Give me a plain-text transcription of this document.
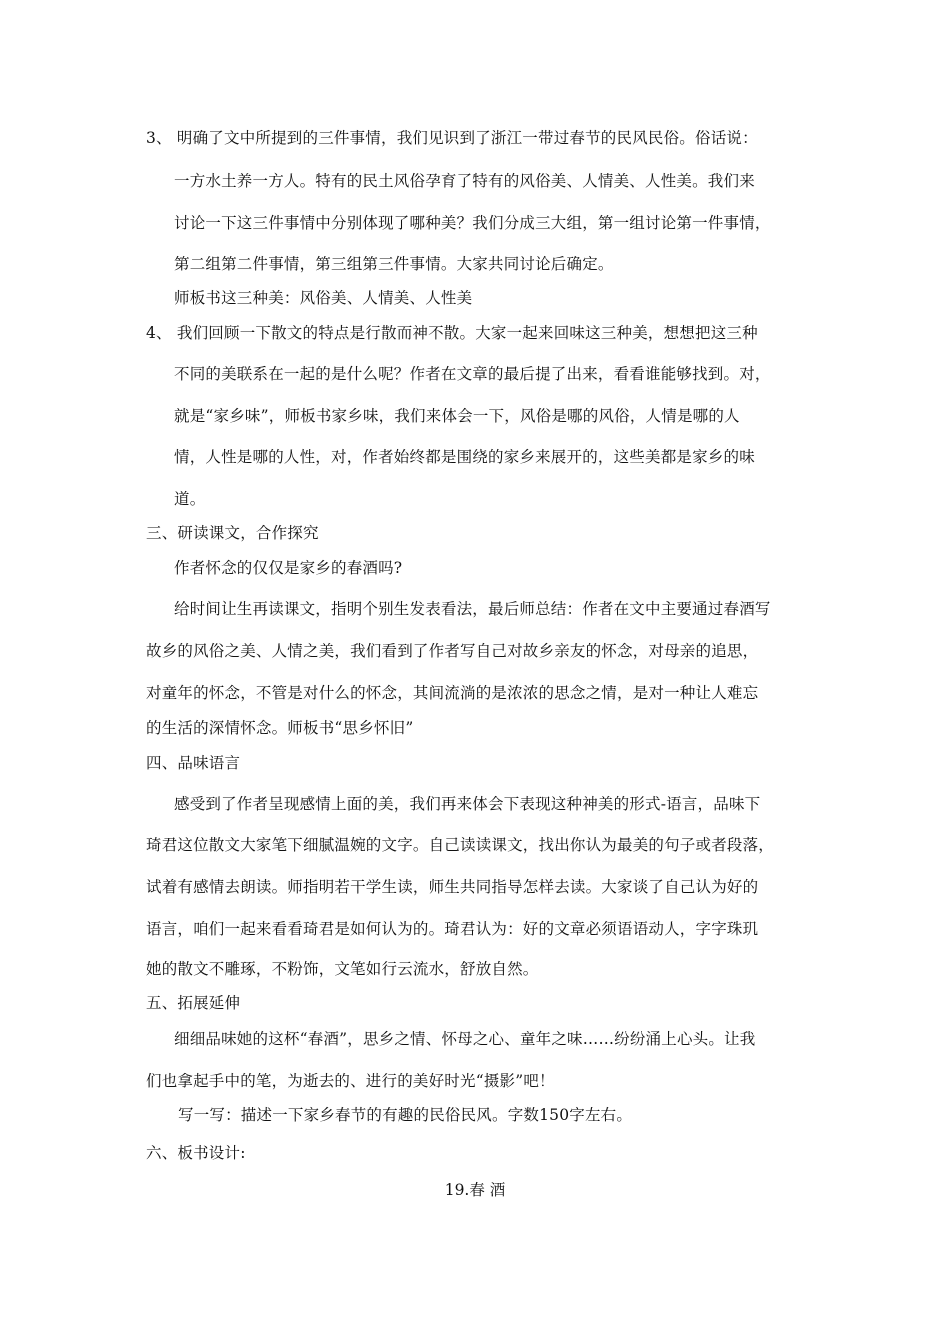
3、 明确了文中所提到的三件事情，我们见识到了浙江一带过春节的民风民俗。俗话说：
一方水土养一方人。特有的民土风俗孕育了特有的风俗美、人情美、人性美。我们来
讨论一下这三件事情中分别体现了哪种美？我们分成三大组，第一组讨论第一件事情，
第二组第二件事情，第三组第三件事情。大家共同讨论后确定。
师板书这三种美：风俗美、人情美、人性美
4、 我们回顾一下散文的特点是行散而神不散。大家一起来回味这三种美，想想把这三种
不同的美联系在一起的是什么呢？作者在文章的最后提了出来，看看谁能够找到。对，
就是“家乡味”，师板书家乡味，我们来体会一下，风俗是哪的风俗，人情是哪的人
情，人性是哪的人性，对，作者始终都是围绕的家乡来展开的，这些美都是家乡的味
道。
三、研读课文，合作探究
作者怀念的仅仅是家乡的春酒吗?
给时间让生再读课文，指明个别生发表看法，最后师总结：作者在文中主要通过春酒写
故乡的风俗之美、人情之美，我们看到了作者写自己对故乡亲友的怀念，对母亲的追思，
对童年的怀念，不管是对什么的怀念，其间流淌的是浓浓的思念之情，是对一种让人难忘
的生活的深情怀念。师板书“思乡怀旧”
四、品味语言
感受到了作者呈现感情上面的美，我们再来体会下表现这种神美的形式-语言，品味下
琦君这位散文大家笔下细腻温婉的文字。自己读读课文，找出你认为最美的句子或者段落，
试着有感情去朗读。师指明若干学生读，师生共同指导怎样去读。大家谈了自己认为好的
语言，咱们一起来看看琦君是如何认为的。琦君认为：好的文章必须语语动人，字字珠玑
她的散文不雕琢，不粉饰，文笔如行云流水，舒放自然。
五、拓展延伸
细细品味她的这杯“春酒”，思乡之情、怀母之心、童年之味……纷纷涌上心头。让我
们也拿起手中的笔，为逝去的、进行的美好时光“摄影”吧！
写一写：描述一下家乡春节的有趣的民俗民风。字数150字左右。
六、板书设计:
19.春 酒
